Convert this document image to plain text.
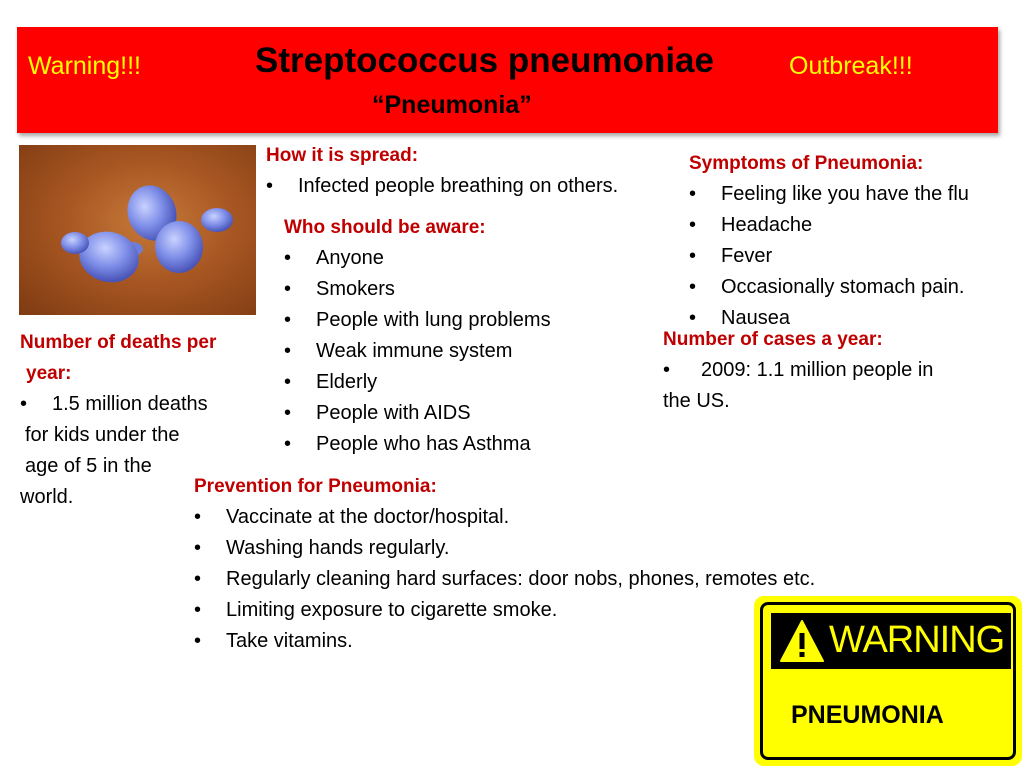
Warning!!!	Streptococcus pneumoniae	Outbreak!!!
“Pneumonia”
How it is spread:
• Infected people breathing on others.
Who should be aware:
• Anyone
• Smokers
• People with lung problems
• Weak immune system
• Elderly
• People with AIDS
• People who has Asthma
Symptoms of Pneumonia:
• Feeling like you have the flu
• Headache
• Fever
• Occasionally stomach pain.
• Nausea
Number of deaths per
year:
• 1.5 million deaths
for kids under the
age of 5 in the
world.
Number of cases a year:
• 2009: 1.1 million people in
the US.
Prevention for Pneumonia:
• Vaccinate at the doctor/hospital.
• Washing hands regularly.
• Regularly cleaning hard surfaces: door nobs, phones, remotes etc.
• Limiting exposure to cigarette smoke.
• Take vitamins.	WARNING
PNEUMONIA
